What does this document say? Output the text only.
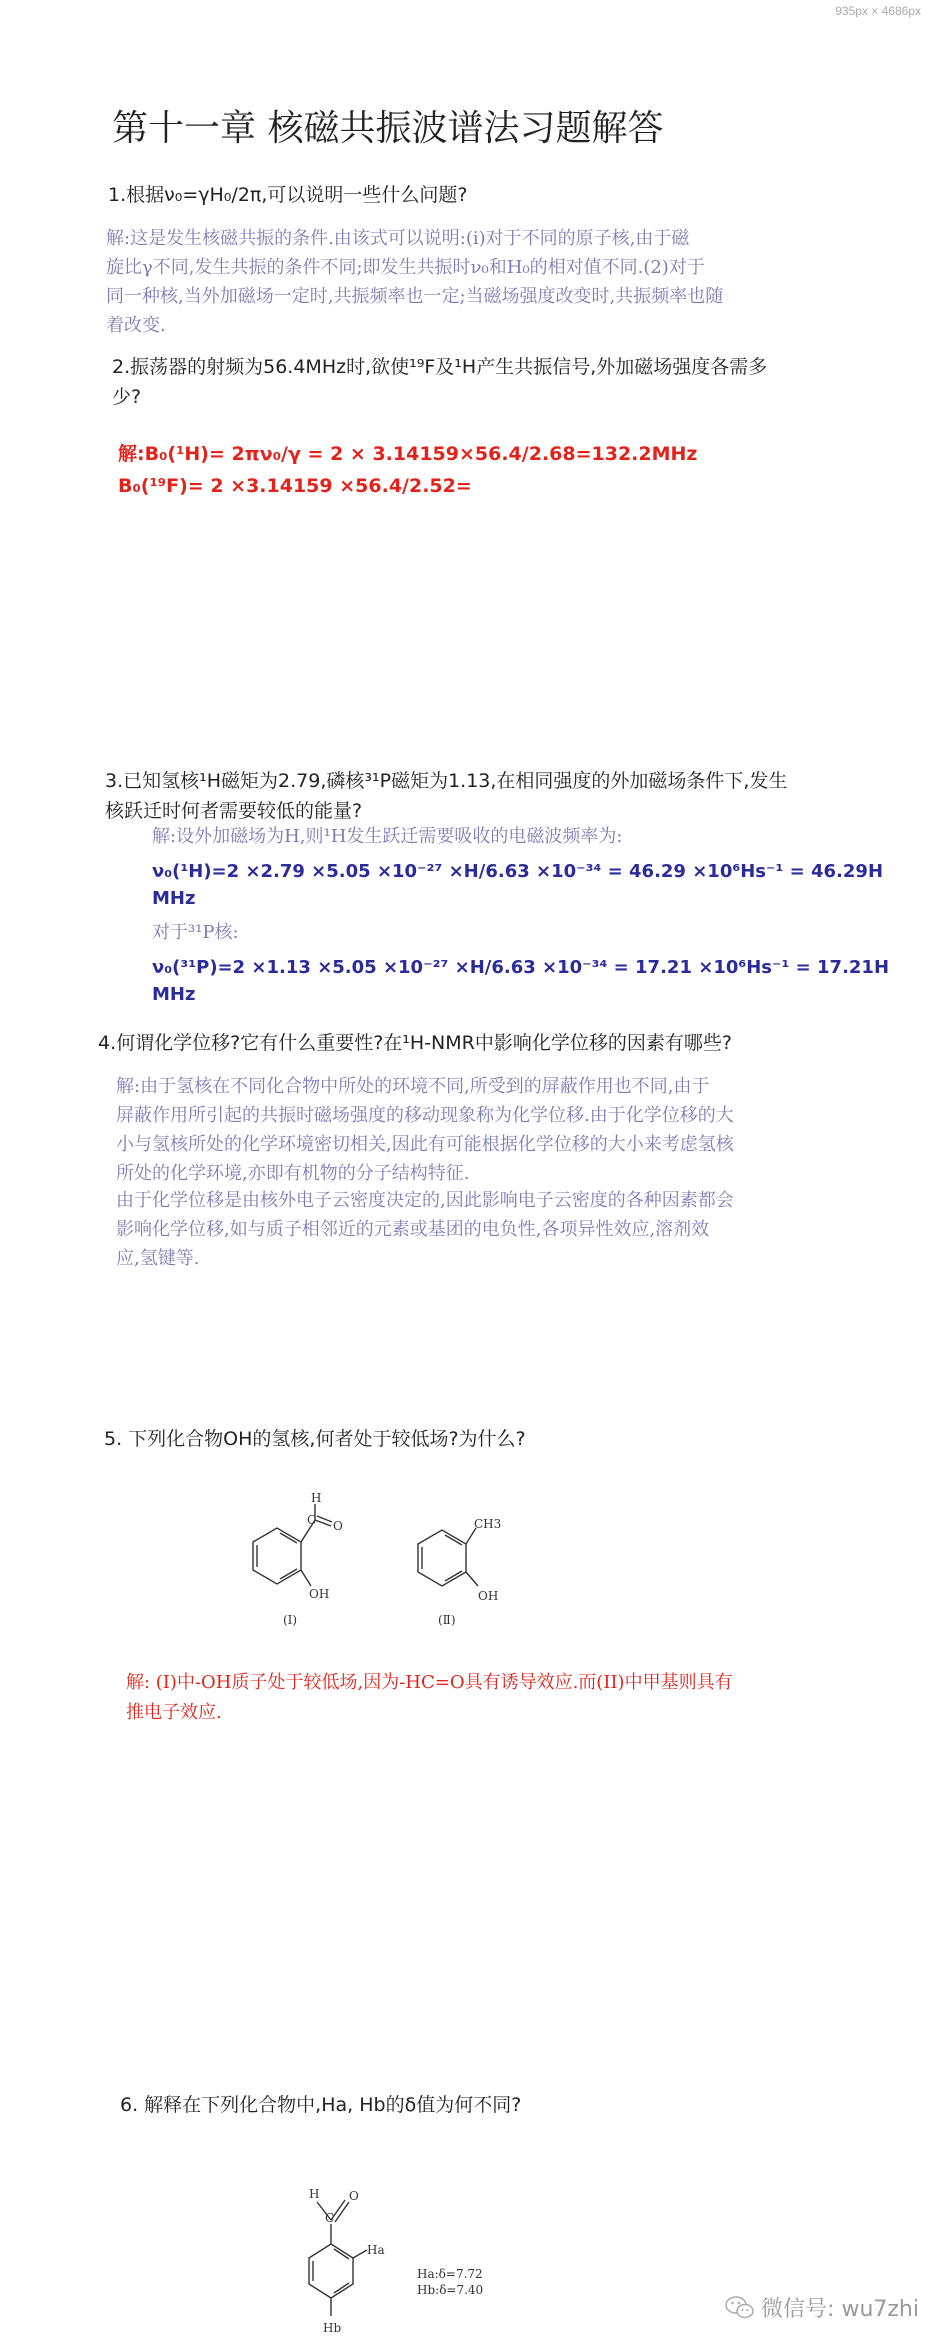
935px × 4686px
第十一章 核磁共振波谱法习题解答
1.根据ν₀=γH₀/2π,可以说明一些什么问题?
解:这是发生核磁共振的条件.由该式可以说明:(ⅰ)对于不同的原子核,由于磁
旋比γ不同,发生共振的条件不同;即发生共振时ν₀和H₀的相对值不同.(2)对于
同一种核,当外加磁场一定时,共振频率也一定;当磁场强度改变时,共振频率也随
着改变.
2.振荡器的射频为56.4MHz时,欲使¹⁹F及¹H产生共振信号,外加磁场强度各需多
少?
解:B₀(¹H)= 2πν₀/γ = 2 × 3.14159×56.4/2.68=132.2MHz
B₀(¹⁹F)= 2 ×3.14159 ×56.4/2.52=
3.已知氢核¹H磁矩为2.79,磷核³¹P磁矩为1.13,在相同强度的外加磁场条件下,发生
核跃迁时何者需要较低的能量?
解:设外加磁场为H,则¹H发生跃迁需要吸收的电磁波频率为:
ν₀(¹H)=2 ×2.79 ×5.05 ×10⁻²⁷ ×H/6.63 ×10⁻³⁴ = 46.29 ×10⁶Hs⁻¹ = 46.29H
MHz
对于³¹P核:
ν₀(³¹P)=2 ×1.13 ×5.05 ×10⁻²⁷ ×H/6.63 ×10⁻³⁴ = 17.21 ×10⁶Hs⁻¹ = 17.21H
MHz
4.何谓化学位移?它有什么重要性?在¹H-NMR中影响化学位移的因素有哪些?
解:由于氢核在不同化合物中所处的环境不同,所受到的屏蔽作用也不同,由于
屏蔽作用所引起的共振时磁场强度的移动现象称为化学位移.由于化学位移的大
小与氢核所处的化学环境密切相关,因此有可能根据化学位移的大小来考虑氢核
所处的化学环境,亦即有机物的分子结构特征.
由于化学位移是由核外电子云密度决定的,因此影响电子云密度的各种因素都会
影响化学位移,如与质子相邻近的元素或基团的电负性,各项异性效应,溶剂效
应,氢键等.
5. 下列化合物OH的氢核,何者处于较低场?为什么?
H
C O
OH
(Ⅰ)
CH3
OH
(Ⅱ)
解: (I)中-OH质子处于较低场,因为-HC=O具有诱导效应.而(II)中甲基则具有
推电子效应.
6. 解释在下列化合物中,Ha, Hb的δ值为何不同?
H
C
O
Ha
Hb
Ha:δ=7.72
Hb:δ=7.40
微信号: wu7zhi
